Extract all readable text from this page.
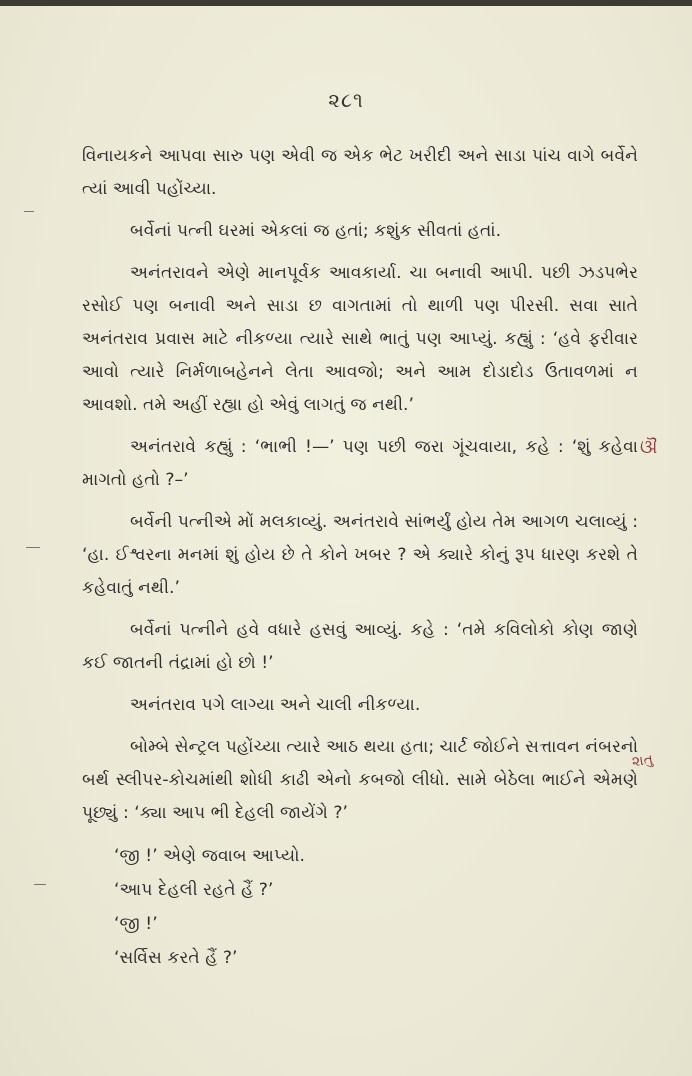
૨૮૧

વિનાયકને આપવા સારુ પણ એવી જ એક ભેટ ખરીદી અને સાડા પાંચ વાગે બર્વેને ત્યાં આવી પહોંચ્યા.

બર્વેનાં પત્ની ઘરમાં એકલાં જ હતાં; કશુંક સીવતાં હતાં.

અનંતરાવને એણે માનપૂર્વક આવકાર્યા. ચા બનાવી આપી. પછી ઝડપભેર રસોઈ પણ બનાવી અને સાડા છ વાગતામાં તો થાળી પણ પીરસી. સવા સાતે અનંતરાવ પ્રવાસ માટે નીકળ્યા ત્યારે સાથે ભાતું પણ આપ્યું. કહ્યું : ‘હવે ફરીવાર આવો ત્યારે નિર્મળાબહેનને લેતા આવજો; અને આમ દોડાદોડ ઉતાવળમાં ન આવશો. તમે અહીં રહ્યા હો એવું લાગતું જ નથી.’

અનંતરાવે કહ્યું : ‘ભાભી !—’ પણ પછી જરા ગૂંચવાયા, કહે : ‘શું કહેવા માગતો હતો ?–’

બર્વેની પત્નીએ મોં મલકાવ્યું. અનંતરાવે સાંભર્યું હોય તેમ આગળ ચલાવ્યું : ‘હા. ઈશ્વરના મનમાં શું હોય છે તે કોને ખબર ? એ ક્યારે કોનું રૂપ ધારણ કરશે તે કહેવાતું નથી.’

બર્વેનાં પત્નીને હવે વધારે હસવું આવ્યું. કહે : ‘તમે કવિલોકો કોણ જાણે કઈ જાતની તંદ્રામાં હો છો !’

અનંતરાવ પગે લાગ્યા અને ચાલી નીકળ્યા.

બોમ્બે સેન્ટ્રલ પહોંચ્યા ત્યારે આઠ થયા હતા; ચાર્ટ જોઈને સત્તાવન નંબરનો બર્થ સ્લીપર-કોચમાંથી શોધી કાઢી એનો કબજો લીધો. સામે બેઠેલા ભાઈને એમણે પૂછ્યું : ‘ક્યા આપ ભી દેહલી જાયેંગે ?’

‘જી !’ એણે જવાબ આપ્યો.

‘આપ દેહલી રહતે હૈં ?’

‘જી !’

‘સર્વિસ કરતે હૈં ?’

ଔ
૨ાતુ
